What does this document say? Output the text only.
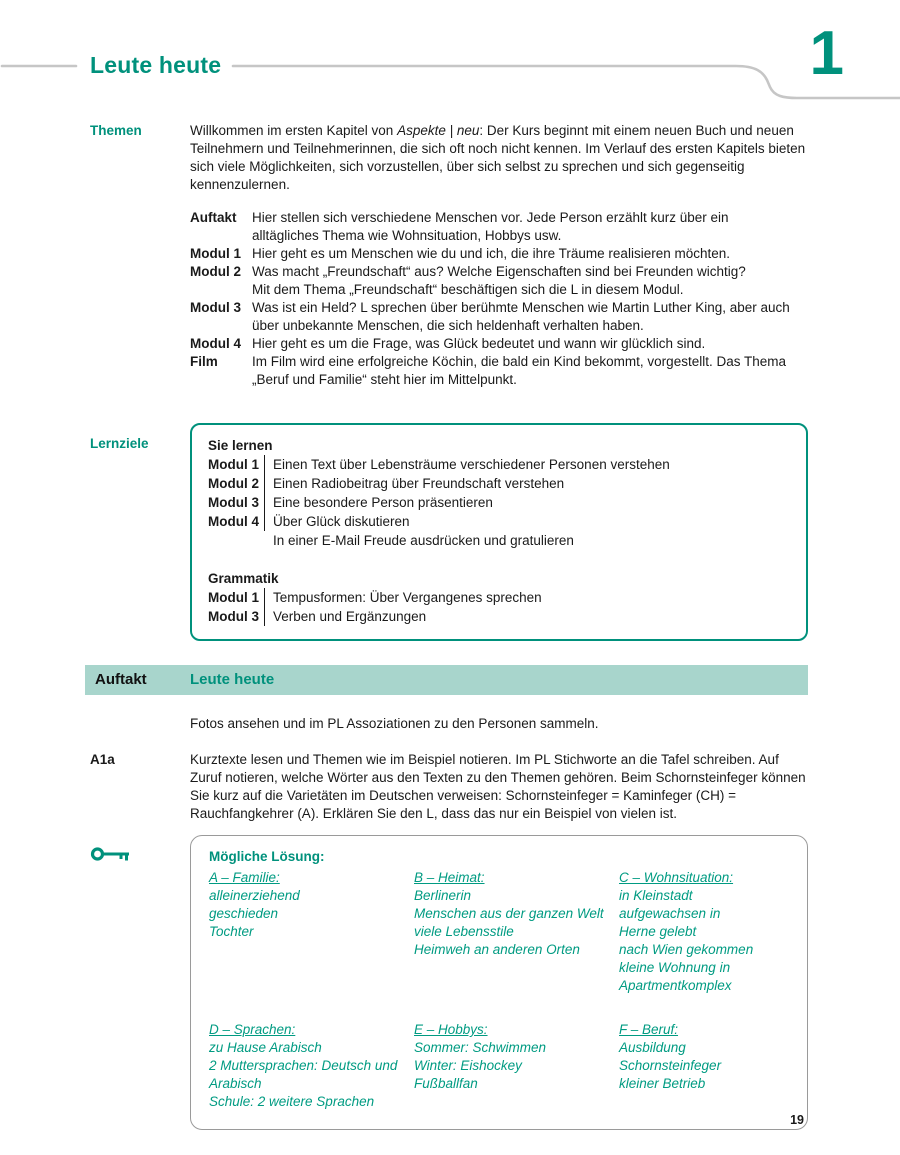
Leute heute	1
Themen	Willkommen im ersten Kapitel von Aspekte | neu: Der Kurs beginnt mit einem neuen Buch und neuen Teilnehmern und Teilnehmerinnen, die sich oft noch nicht kennen. Im Verlauf des ersten Kapitels bieten sich viele Möglichkeiten, sich vorzustellen, über sich selbst zu sprechen und sich gegenseitig kennenzulernen.

Auftakt	Hier stellen sich verschiedene Menschen vor. Jede Person erzählt kurz über ein
alltägliches Thema wie Wohnsituation, Hobbys usw.
Modul 1 Hier geht es um Menschen wie du und ich, die ihre Träume realisieren möchten.
Modul 2 Was macht „Freundschaft“ aus? Welche Eigenschaften sind bei Freunden wichtig?
Mit dem Thema „Freundschaft“ beschäftigen sich die L in diesem Modul.
Modul 3 Was ist ein Held? L sprechen über berühmte Menschen wie Martin Luther King, aber auch
über unbekannte Menschen, die sich heldenhaft verhalten haben.
Modul 4 Hier geht es um die Frage, was Glück bedeutet und wann wir glücklich sind.
Film	Im Film wird eine erfolgreiche Köchin, die bald ein Kind bekommt, vorgestellt. Das Thema
„Beruf und Familie“ steht hier im Mittelpunkt.
Lernziele	Sie lernen
Modul 1	Einen Text über Lebensträume verschiedener Personen verstehen
Modul 2	Einen Radiobeitrag über Freundschaft verstehen
Modul 3	Eine besondere Person präsentieren
Modul 4	Über Glück diskutieren
In einer E-Mail Freude ausdrücken und gratulieren
Grammatik
Modul 1	Tempusformen: Über Vergangenes sprechen
Modul 3	Verben und Ergänzungen
Auftakt	Leute heute
Fotos ansehen und im PL Assoziationen zu den Personen sammeln.
A1a	Kurztexte lesen und Themen wie im Beispiel notieren. Im PL Stichworte an die Tafel schreiben. Auf Zuruf notieren, welche Wörter aus den Texten zu den Themen gehören. Beim Schornsteinfeger können Sie kurz auf die Varietäten im Deutschen verweisen: Schornsteinfeger = Kaminfeger (CH) = Rauchfangkehrer (A). Erklären Sie den L, dass das nur ein Beispiel von vielen ist.
Mögliche Lösung:
A – Familie:
alleinerziehend
geschieden
Tochter
B – Heimat:
Berlinerin
Menschen aus der ganzen Welt
viele Lebensstile
Heimweh an anderen Orten
C – Wohnsituation:
in Kleinstadt aufgewachsen in
Herne gelebt
nach Wien gekommen
kleine Wohnung in
Apartmentkomplex
D – Sprachen:
zu Hause Arabisch
2 Muttersprachen: Deutsch und
Arabisch
Schule: 2 weitere Sprachen
E – Hobbys:
Sommer: Schwimmen
Winter: Eishockey
Fußballfan
F – Beruf:
Ausbildung Schornsteinfeger
kleiner Betrieb
19
